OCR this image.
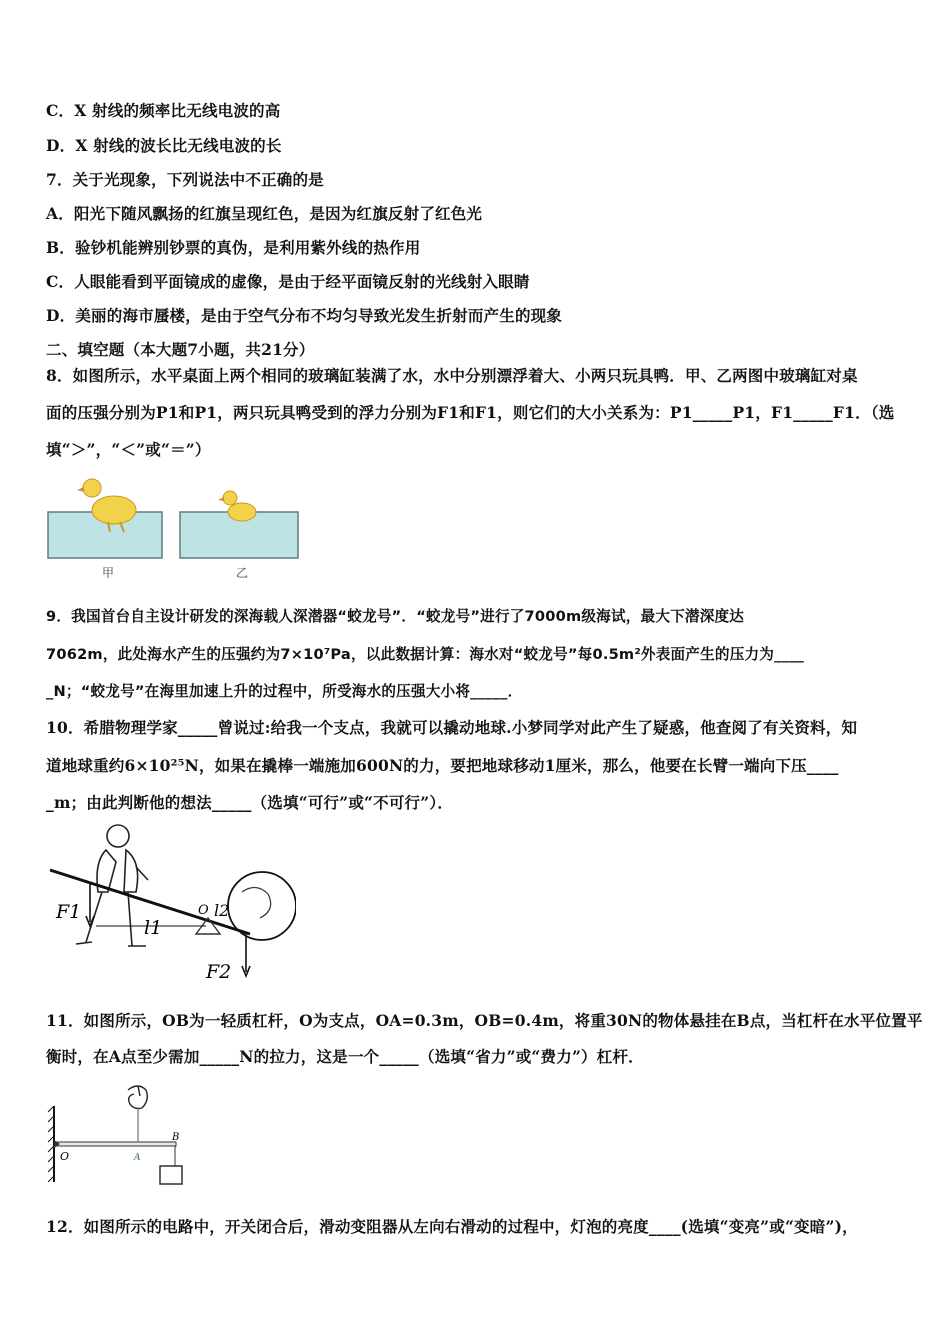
C．X 射线的频率比无线电波的高
D．X 射线的波长比无线电波的长
7．关于光现象，下列说法中不正确的是
A．阳光下随风飘扬的红旗呈现红色，是因为红旗反射了红色光
B．验钞机能辨别钞票的真伪，是利用紫外线的热作用
C．人眼能看到平面镜成的虚像，是由于经平面镜反射的光线射入眼睛
D．美丽的海市蜃楼，是由于空气分布不均匀导致光发生折射而产生的现象
二、填空题（本大题7小题，共21分）
8．如图所示，水平桌面上两个相同的玻璃缸装满了水，水中分别漂浮着大、小两只玩具鸭．甲、乙两图中玻璃缸对桌
面的压强分别为P1和P1，两只玩具鸭受到的浮力分别为F1和F1，则它们的大小关系为：P1_____P1，F1_____F1．（选
填“＞”，“＜”或“＝”）
甲	乙
9．我国首台自主设计研发的深海载人深潜器“蛟龙号”．“蛟龙号”进行了7000m级海试，最大下潜深度达
7062m，此处海水产生的压强约为7×10⁷Pa，以此数据计算：海水对“蛟龙号”每0.5m²外表面产生的压力为____
_N；“蛟龙号”在海里加速上升的过程中，所受海水的压强大小将_____．
10．希腊物理学家_____曾说过:给我一个支点，我就可以撬动地球.小梦同学对此产生了疑惑，他查阅了有关资料，知
道地球重约6×10²⁵N，如果在撬棒一端施加600N的力，要把地球移动1厘米，那么，他要在长臂一端向下压____
_m；由此判断他的想法_____（选填“可行”或“不可行”）．
F1
F2
l1
l2
O
11．如图所示，OB为一轻质杠杆，O为支点，OA=0.3m，OB=0.4m，将重30N的物体悬挂在B点，当杠杆在水平位置平
衡时，在A点至少需加_____N的拉力，这是一个_____（选填“省力”或“费力”）杠杆．
O	A
B
12．如图所示的电路中，开关闭合后，滑动变阻器从左向右滑动的过程中，灯泡的亮度____(选填“变亮”或“变暗”)，
